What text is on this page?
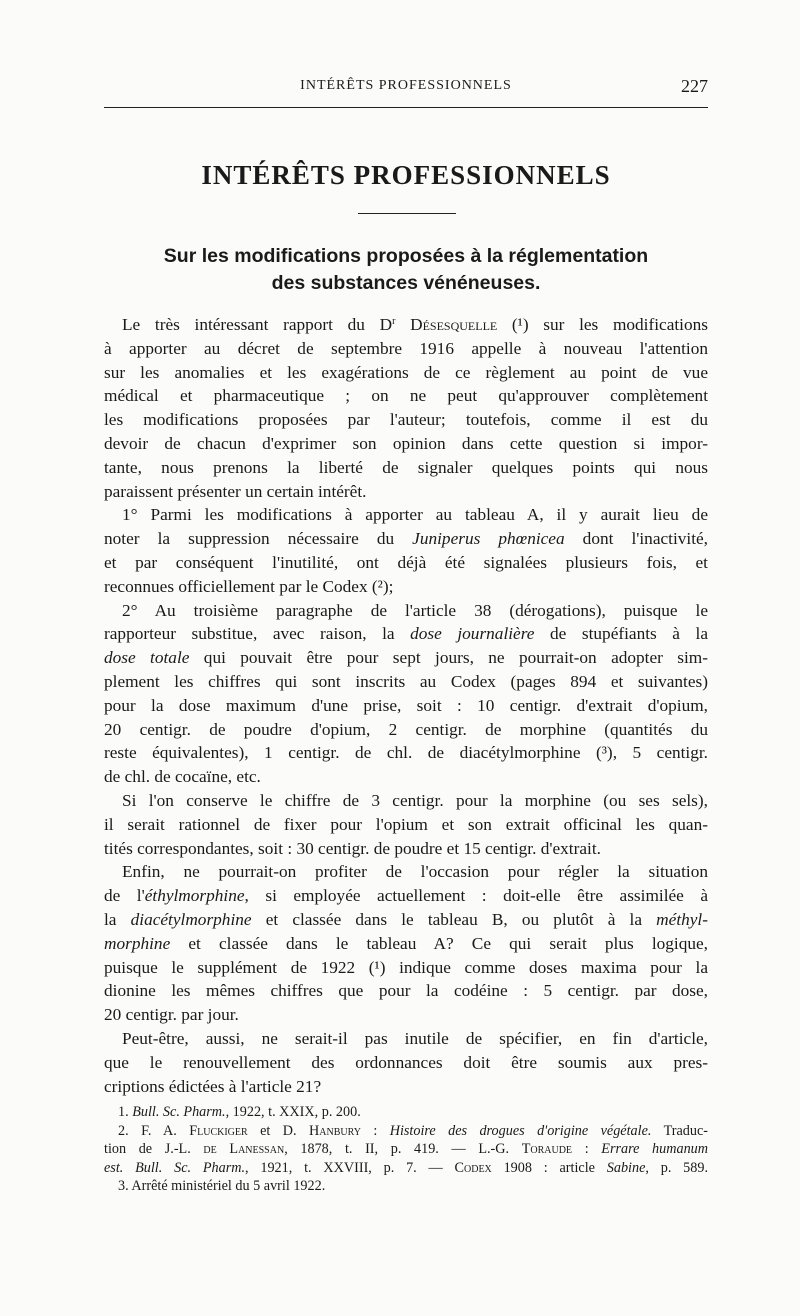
INTÉRÊTS PROFESSIONNELS	227
INTÉRÊTS PROFESSIONNELS
Sur les modifications proposées à la réglementation
des substances vénéneuses.

Le très intéressant rapport du $D^r$ Désesquelle (¹) sur les modifications
à apporter au décret de septembre 1916 appelle à nouveau l'attention
sur les anomalies et les exagérations de ce règlement au point de vue
médical et pharmaceutique ; on ne peut qu'approuver complètement
les modifications proposées par l'auteur; toutefois, comme il est du
devoir de chacun d'exprimer son opinion dans cette question si impor-
tante, nous prenons la liberté de signaler quelques points qui nous
paraissent présenter un certain intérêt.

1° Parmi les modifications à apporter au tableau A, il y aurait lieu de
noter la suppression nécessaire du Juniperus phœnicea dont l'inactivité,
et par conséquent l'inutilité, ont déjà été signalées plusieurs fois, et
reconnues officiellement par le Codex (²);

2° Au troisième paragraphe de l'article 38 (dérogations), puisque le
rapporteur substitue, avec raison, la dose journalière de stupéfiants à la
dose totale qui pouvait être pour sept jours, ne pourrait-on adopter sim-
plement les chiffres qui sont inscrits au Codex (pages 894 et suivantes)
pour la dose maximum d'une prise, soit : 10 centigr. d'extrait d'opium,
20 centigr. de poudre d'opium, 2 centigr. de morphine (quantités du
reste équivalentes), 1 centigr. de chl. de diacétylmorphine (³), 5 centigr.
de chl. de cocaïne, etc.

Si l'on conserve le chiffre de 3 centigr. pour la morphine (ou ses sels),
il serait rationnel de fixer pour l'opium et son extrait officinal les quan-
tités correspondantes, soit : 30 centigr. de poudre et 15 centigr. d'extrait.

Enfin, ne pourrait-on profiter de l'occasion pour régler la situation
de l'éthylmorphine, si employée actuellement : doit-elle être assimilée à
la diacétylmorphine et classée dans le tableau B, ou plutôt à la méthyl-
morphine et classée dans le tableau A? Ce qui serait plus logique,
puisque le supplément de 1922 (¹) indique comme doses maxima pour la
dionine les mêmes chiffres que pour la codéine : 5 centigr. par dose,
20 centigr. par jour.

Peut-être, aussi, ne serait-il pas inutile de spécifier, en fin d'article,
que le renouvellement des ordonnances doit être soumis aux pres-
criptions édictées à l'article 21?

1. Bull. Sc. Pharm., 1922, t. XXIX, p. 200.
2. F. A. Fluckiger et D. Hanbury : Histoire des drogues d'origine végétale. Traduc-
tion de J.-L. de Lanessan, 1878, t. II, p. 419. — L.-G. Toraude : Errare humanum
est. Bull. Sc. Pharm., 1921, t. XXVIII, p. 7. — Codex 1908 : article Sabine, p. 589.
3. Arrêté ministériel du 5 avril 1922.
